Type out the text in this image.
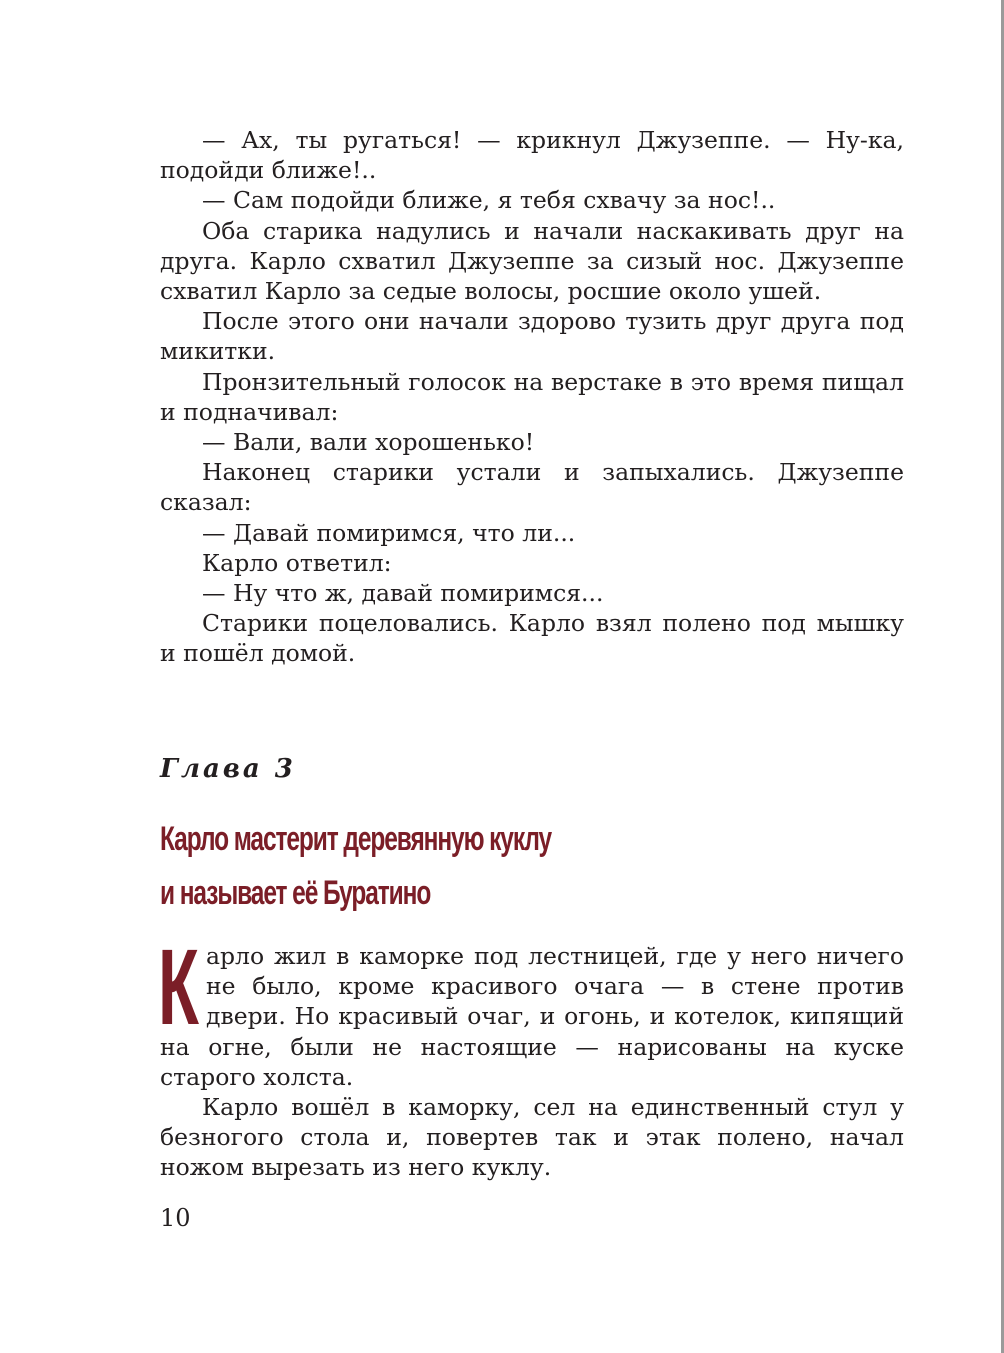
— Ах, ты ругаться! — крикнул Джузеппе. — Ну-ка, подойди ближе!..

— Сам подойди ближе, я тебя схвачу за нос!..

Оба старика надулись и начали наскакивать друг на друга. Карло схватил Джузеппе за сизый нос. Джузеппе схватил Карло за седые волосы, росшие около ушей.

После этого они начали здорово тузить друг друга под микитки.

Пронзительный голосок на верстаке в это время пищал и подначивал:

— Вали, вали хорошенько!

Наконец старики устали и запыхались. Джузеппе сказал:

— Давай помиримся, что ли...

Карло ответил:

— Ну что ж, давай помиримся...

Старики поцеловались. Карло взял полено под мышку и пошёл домой.

Глава 3
Карло мастерит деревянную куклу
и называет её Буратино

Карло жил в каморке под лестницей, где у него ничего не было, кроме красивого очага — в стене против двери. Но красивый очаг, и огонь, и котелок, кипящий на огне, были не настоящие — нарисованы на куске старого холста.

Карло вошёл в каморку, сел на единственный стул у безногого стола и, повертев так и этак полено, начал ножом вырезать из него куклу.

10
